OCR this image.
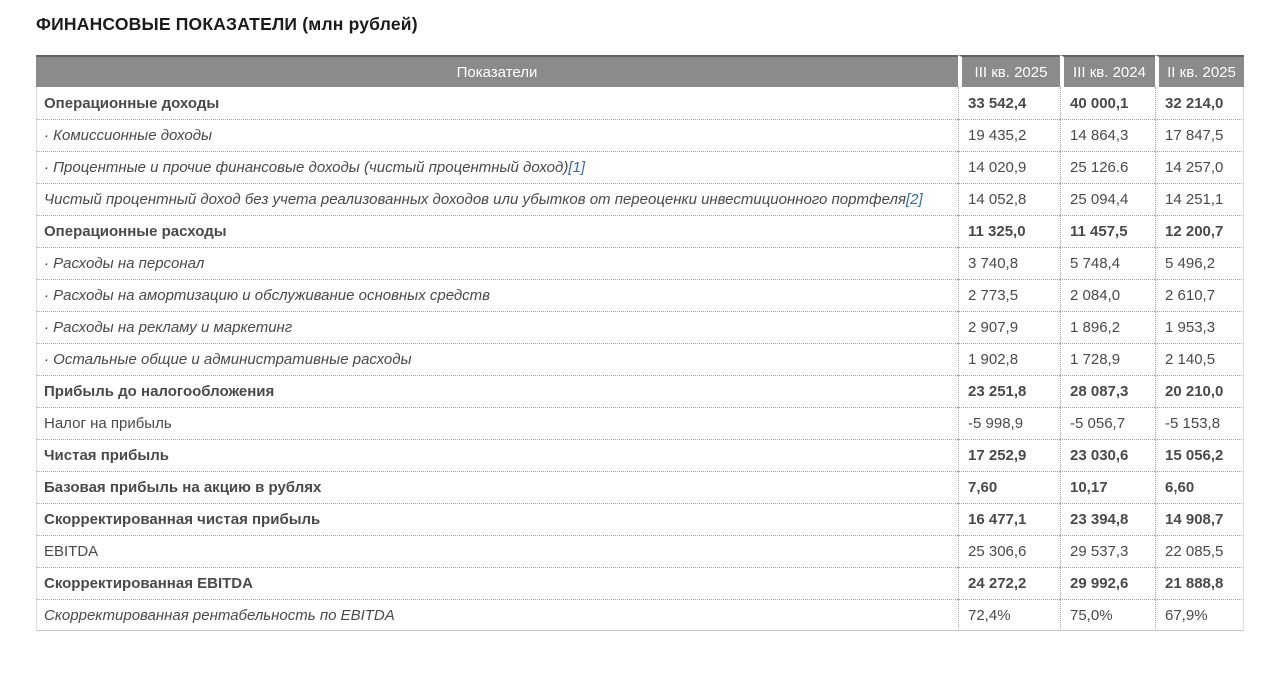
ФИНАНСОВЫЕ ПОКАЗАТЕЛИ (млн рублей)
Показатели	III кв. 2025	III кв. 2024	II кв. 2025
Операционные доходы	33 542,4	40 000,1	32 214,0
· Комиссионные доходы	19 435,2	14 864,3	17 847,5
· Процентные и прочие финансовые доходы (чистый процентный доход)[1]	14 020,9	25 126.6	14 257,0
Чистый процентный доход без учета реализованных доходов или убытков от переоценки инвестиционного портфеля[2]	14 052,8	25 094,4	14 251,1
Операционные расходы	11 325,0	11 457,5	12 200,7
· Расходы на персонал	3 740,8	5 748,4	5 496,2
· Расходы на амортизацию и обслуживание основных средств	2 773,5	2 084,0	2 610,7
· Расходы на рекламу и маркетинг	2 907,9	1 896,2	1 953,3
· Остальные общие и административные расходы	1 902,8	1 728,9	2 140,5
Прибыль до налогообложения	23 251,8	28 087,3	20 210,0
Налог на прибыль	-5 998,9	-5 056,7	-5 153,8
Чистая прибыль	17 252,9	23 030,6	15 056,2
Базовая прибыль на акцию в рублях	7,60	10,17	6,60
Скорректированная чистая прибыль	16 477,1	23 394,8	14 908,7
EBITDA	25 306,6	29 537,3	22 085,5
Скорректированная EBITDA	24 272,2	29 992,6	21 888,8
Скорректированная рентабельность по EBITDA	72,4%	75,0%	67,9%
